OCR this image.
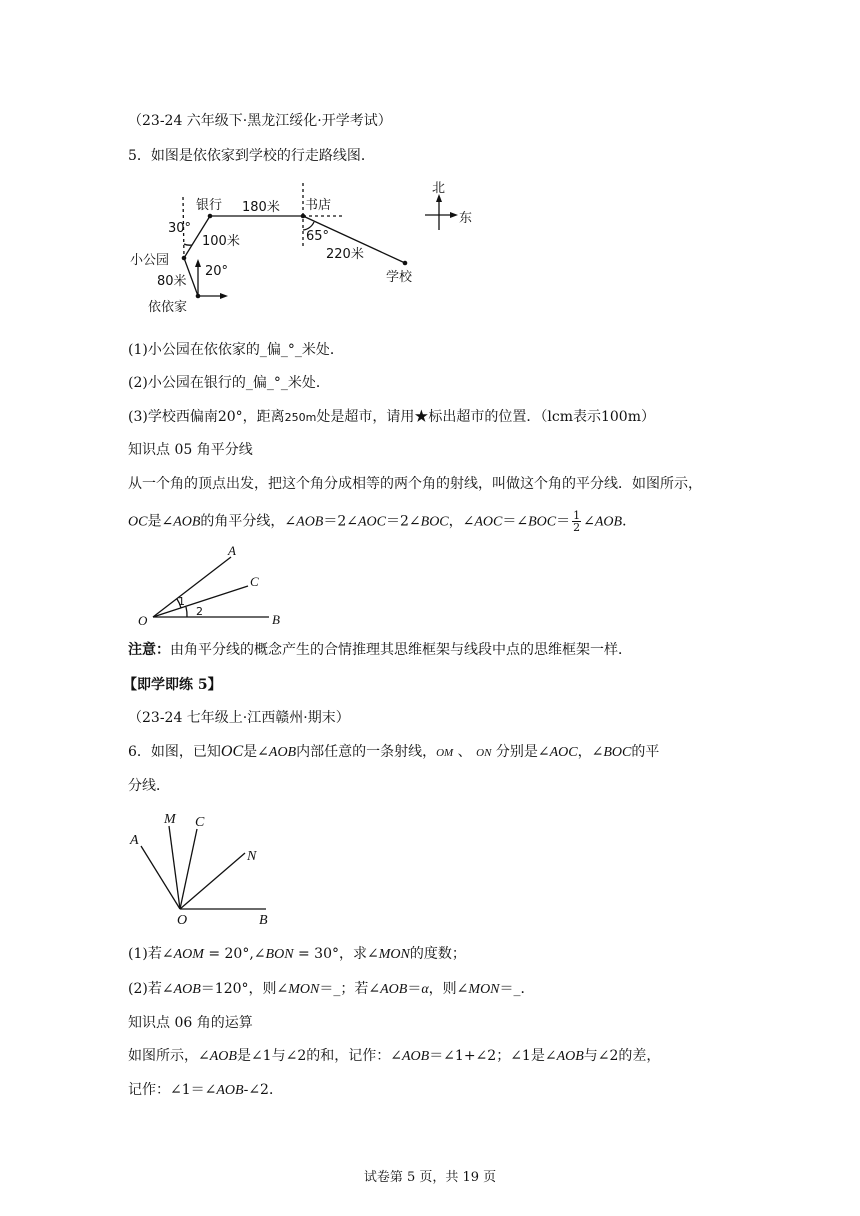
（23-24 六年级下·黑龙江绥化·开学考试）
5．如图是依依家到学校的行走路线图．
银行 180米 书店
30°
100米	65°
220米
小公园
20°
80米	学校
依依家
北
东
(1)小公园在依依家的_偏_°_米处．
(2)小公园在银行的_偏_°_米处．
(3)学校西偏南20°，距离250m处是超市，请用★标出超市的位置．（lcm表示100m）
知识点 05 角平分线
从一个角的顶点出发，把这个角分成相等的两个角的射线，叫做这个角的平分线．如图所示，
OC是∠AOB的角平分线，∠AOB＝2∠AOC＝2∠BOC，∠AOC＝∠BOC＝ $\frac{1}{2}$ ∠AOB．
A
C
O	B
1
2
注意：由角平分线的概念产生的合情推理其思维框架与线段中点的思维框架一样．
【即学即练 5】
（23-24 七年级上·江西赣州·期末）
6．如图，已知OC是∠AOB内部任意的一条射线，OM 、 ON 分别是∠AOC，∠BOC的平
分线．
A
M C
N
O	B
(1)若∠AOM = 20°,∠BON = 30°，求∠MON的度数；
(2)若∠AOB＝120°，则∠MON＝_；若∠AOB＝α，则∠MON＝_．
知识点 06 角的运算
如图所示，∠AOB是∠1与∠2的和，记作：∠AOB＝∠1+∠2；∠1是∠AOB与∠2的差，
记作：∠1＝∠AOB-∠2．
试卷第 5 页，共 19 页
